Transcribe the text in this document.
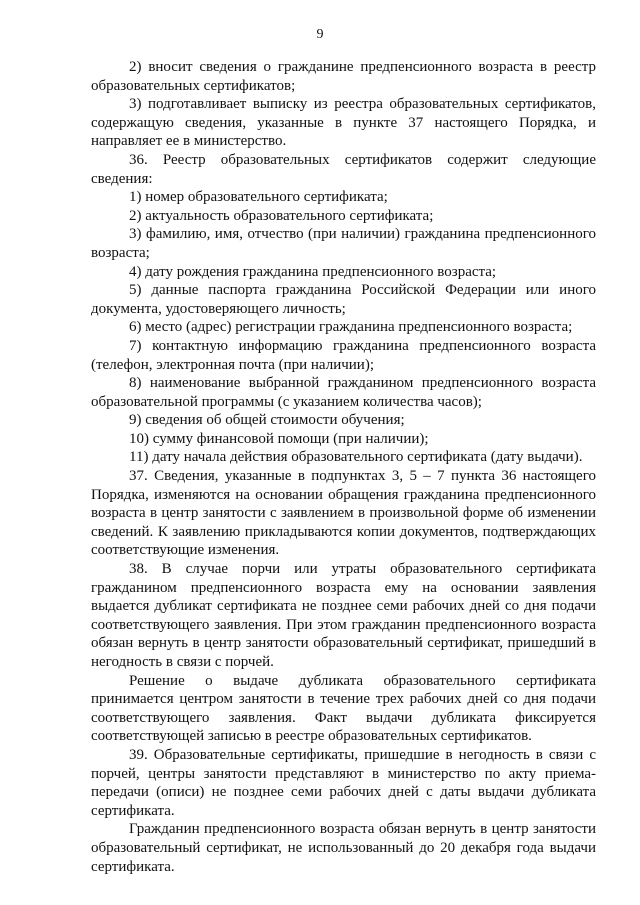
9

2) вносит сведения о гражданине предпенсионного возраста в реестр образовательных сертификатов;

3) подготавливает выписку из реестра образовательных сертификатов, содержащую сведения, указанные в пункте 37 настоящего Порядка, и направляет ее в министерство.

36. Реестр образовательных сертификатов содержит следующие сведения:

1) номер образовательного сертификата;

2) актуальность образовательного сертификата;

3) фамилию, имя, отчество (при наличии) гражданина предпенсионного возраста;

4) дату рождения гражданина предпенсионного возраста;

5) данные паспорта гражданина Российской Федерации или иного документа, удостоверяющего личность;

6) место (адрес) регистрации гражданина предпенсионного возраста;

7) контактную информацию гражданина предпенсионного возраста (телефон, электронная почта (при наличии);

8) наименование выбранной гражданином предпенсионного возраста образовательной программы (с указанием количества часов);

9) сведения об общей стоимости обучения;

10) сумму финансовой помощи (при наличии);

11) дату начала действия образовательного сертификата (дату выдачи).

37. Сведения, указанные в подпунктах 3, 5 – 7 пункта 36 настоящего Порядка, изменяются на основании обращения гражданина предпенсионного возраста в центр занятости с заявлением в произвольной форме об изменении сведений. К заявлению прикладываются копии документов, подтверждающих соответствующие изменения.

38. В случае порчи или утраты образовательного сертификата гражданином предпенсионного возраста ему на основании заявления выдается дубликат сертификата не позднее семи рабочих дней со дня подачи соответствующего заявления. При этом гражданин предпенсионного возраста обязан вернуть в центр занятости образовательный сертификат, пришедший в негодность в связи с порчей.

Решение о выдаче дубликата образовательного сертификата принимается центром занятости в течение трех рабочих дней со дня подачи соответствующего заявления. Факт выдачи дубликата фиксируется соответствующей записью в реестре образовательных сертификатов.

39. Образовательные сертификаты, пришедшие в негодность в связи с порчей, центры занятости представляют в министерство по акту приема-передачи (описи) не позднее семи рабочих дней с даты выдачи дубликата сертификата.

Гражданин предпенсионного возраста обязан вернуть в центр занятости образовательный сертификат, не использованный до 20 декабря года выдачи сертификата.
